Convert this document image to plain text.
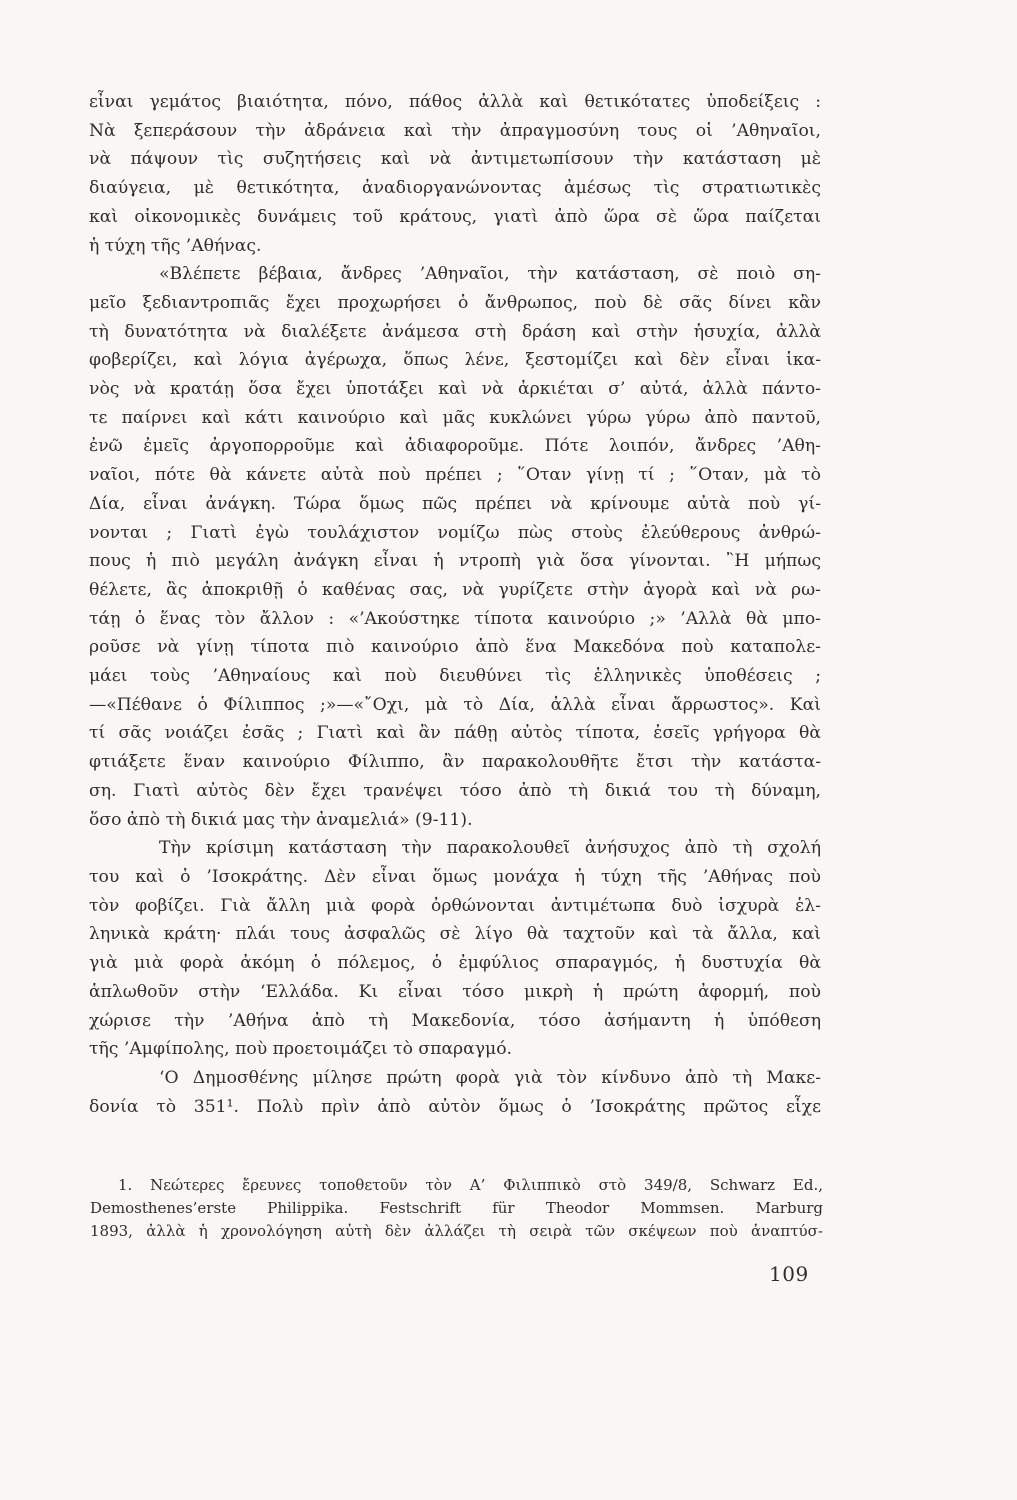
εἶναι γεμάτος βιαιότητα, πόνο, πάθος ἀλλὰ καὶ θετικότατες ὑποδείξεις :
Νὰ ξεπεράσουν τὴν ἀδράνεια καὶ τὴν ἀπραγμοσύνη τους οἱ ’Αθηναῖοι,
νὰ πάψουν τὶς συζητήσεις καὶ νὰ ἀντιμετωπίσουν τὴν κατάσταση μὲ
διαύγεια, μὲ θετικότητα, ἀναδιοργανώνοντας ἀμέσως τὶς στρατιωτικὲς
καὶ οἰκονομικὲς δυνάμεις τοῦ κράτους, γιατὶ ἀπὸ ὥρα σὲ ὥρα παίζεται
ἡ τύχη τῆς ’Αθήνας.
«Βλέπετε βέβαια, ἄνδρες ’Αθηναῖοι, τὴν κατάσταση, σὲ ποιὸ ση-
μεῖο ξεδιαντροπιᾶς ἔχει προχωρήσει ὁ ἄνθρωπος, ποὺ δὲ σᾶς δίνει κἂν
τὴ δυνατότητα νὰ διαλέξετε ἀνάμεσα στὴ δράση καὶ στὴν ἡσυχία, ἀλλὰ
φοβερίζει, καὶ λόγια ἀγέρωχα, ὅπως λένε, ξεστομίζει καὶ δὲν εἶναι ἱκα-
νὸς νὰ κρατάῃ ὅσα ἔχει ὑποτάξει καὶ νὰ ἀρκιέται σ’ αὐτά, ἀλλὰ πάντο-
τε παίρνει καὶ κάτι καινούριο καὶ μᾶς κυκλώνει γύρω γύρω ἀπὸ παντοῦ,
ἐνῶ ἐμεῖς ἀργοπορροῦμε καὶ ἀδιαφοροῦμε. Πότε λοιπόν, ἄνδρες ’Αθη-
ναῖοι, πότε θὰ κάνετε αὐτὰ ποὺ πρέπει ; ῞Οταν γίνῃ τί ; ῞Οταν, μὰ τὸ
Δία, εἶναι ἀνάγκη. Τώρα ὅμως πῶς πρέπει νὰ κρίνουμε αὐτὰ ποὺ γί-
νονται ; Γιατὶ ἐγὼ τουλάχιστον νομίζω πὼς στοὺς ἐλεύθερους ἀνθρώ-
πους ἡ πιὸ μεγάλη ἀνάγκη εἶναι ἡ ντροπὴ γιὰ ὅσα γίνονται. ῍Η μήπως
θέλετε, ἂς ἀποκριθῇ ὁ καθένας σας, νὰ γυρίζετε στὴν ἀγορὰ καὶ νὰ ρω-
τάῃ ὁ ἕνας τὸν ἄλλον : «’Ακούστηκε τίποτα καινούριο ;» ’Αλλὰ θὰ μπο-
ροῦσε νὰ γίνῃ τίποτα πιὸ καινούριο ἀπὸ ἕνα Μακεδόνα ποὺ καταπολε-
μάει τοὺς ’Αθηναίους καὶ ποὺ διευθύνει τὶς ἑλληνικὲς ὑποθέσεις ;
—«Πέθανε ὁ Φίλιππος ;»—«῎Οχι, μὰ τὸ Δία, ἀλλὰ εἶναι ἄρρωστος». Καὶ
τί σᾶς νοιάζει ἐσᾶς ; Γιατὶ καὶ ἂν πάθῃ αὐτὸς τίποτα, ἐσεῖς γρήγορα θὰ
φτιάξετε ἕναν καινούριο Φίλιππο, ἂν παρακολουθῆτε ἔτσι τὴν κατάστα-
ση. Γιατὶ αὐτὸς δὲν ἔχει τρανέψει τόσο ἀπὸ τὴ δικιά του τὴ δύναμη,
ὅσο ἀπὸ τὴ δικιά μας τὴν ἀναμελιά» (9-11).
Τὴν κρίσιμη κατάσταση τὴν παρακολουθεῖ ἀνήσυχος ἀπὸ τὴ σχολή
του καὶ ὁ ’Ισοκράτης. Δὲν εἶναι ὅμως μονάχα ἡ τύχη τῆς ’Αθήνας ποὺ
τὸν φοβίζει. Γιὰ ἄλλη μιὰ φορὰ ὀρθώνονται ἀντιμέτωπα δυὸ ἰσχυρὰ ἑλ-
ληνικὰ κράτη· πλάι τους ἀσφαλῶς σὲ λίγο θὰ ταχτοῦν καὶ τὰ ἄλλα, καὶ
γιὰ μιὰ φορὰ ἀκόμη ὁ πόλεμος, ὁ ἐμφύλιος σπαραγμός, ἡ δυστυχία θὰ
ἁπλωθοῦν στὴν ‘Ελλάδα. Κι εἶναι τόσο μικρὴ ἡ πρώτη ἀφορμή, ποὺ
χώρισε τὴν ’Αθήνα ἀπὸ τὴ Μακεδονία, τόσο ἀσήμαντη ἡ ὑπόθεση
τῆς ’Αμφίπολης, ποὺ προετοιμάζει τὸ σπαραγμό.
‘Ο Δημοσθένης μίλησε πρώτη φορὰ γιὰ τὸν κίνδυνο ἀπὸ τὴ Μακε-
δονία τὸ 351¹. Πολὺ πρὶν ἀπὸ αὐτὸν ὅμως ὁ ’Ισοκράτης πρῶτος εἶχε
1. Νεώτερες ἔρευνες τοποθετοῦν τὸν Α’ Φιλιππικὸ στὸ 349/8, Schwarz Ed.,
Demosthenes’erste Philippika. Festschrift für Theodor Mommsen. Marburg
1893, ἀλλὰ ἡ χρονολόγηση αὐτὴ δὲν ἀλλάζει τὴ σειρὰ τῶν σκέψεων ποὺ ἀναπτύσ-
109
